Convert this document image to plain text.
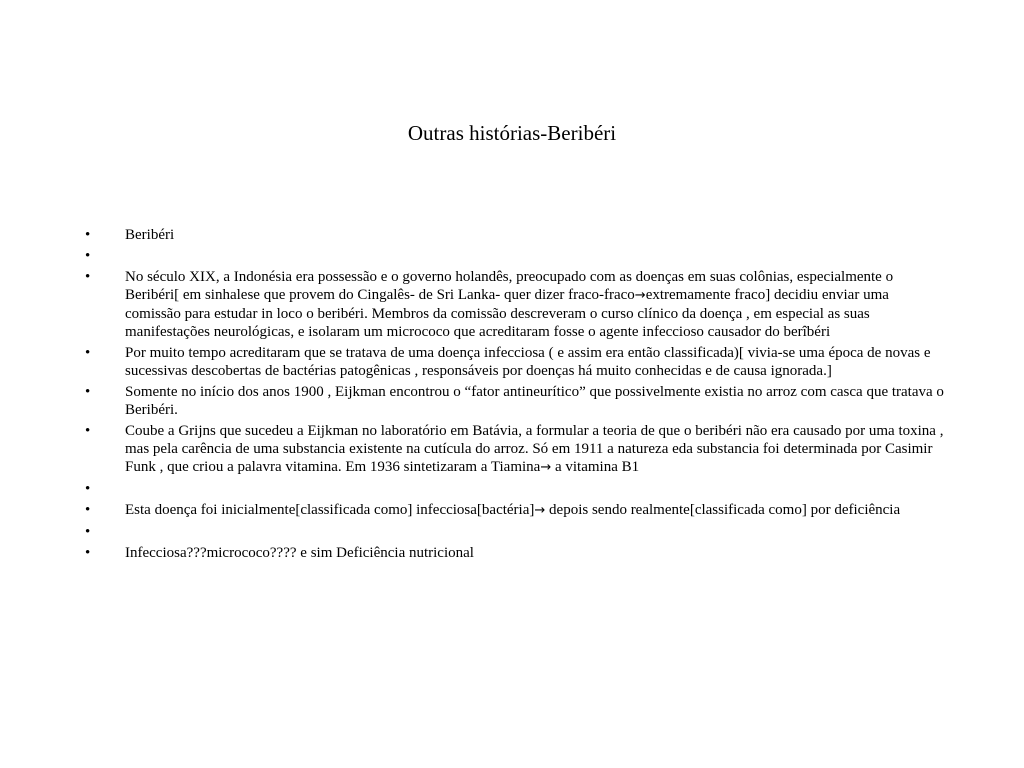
Outras histórias-Beribéri
• Beribéri
•
• No século XIX, a Indonésia era possessão e o governo holandês, preocupado com as doenças em suas colônias, especialmente o Beribéri[ em sinhalese que provem do Cingalês- de Sri Lanka- quer dizer fraco-fraco→extremamente fraco] decidiu enviar uma comissão para estudar in loco o beribéri. Membros da comissão descreveram o curso clínico da doença , em especial as suas manifestações neurológicas, e isolaram um micrococo que acreditaram fosse o agente infeccioso causador do berîbéri
• Por muito tempo acreditaram que se tratava de uma doença infecciosa ( e assim era então classificada)[ vivia-se uma época de novas e sucessivas descobertas de bactérias patogênicas , responsáveis por doenças há muito conhecidas e de causa ignorada.]
• Somente no início dos anos 1900 , Eijkman encontrou o “fator antineurítico” que possivelmente existia no arroz com casca que tratava o Beribéri.
• Coube a Grijns que sucedeu a Eijkman no laboratório em Batávia, a formular a teoria de que o beribéri não era causado por uma toxina , mas pela carência de uma substancia existente na cutícula do arroz. Só em 1911 a natureza eda substancia foi determinada por Casimir Funk , que criou a palavra vitamina. Em 1936 sintetizaram a Tiamina→ a vitamina B1
•
• Esta doença foi inicialmente[classificada como] infecciosa[bactéria]→ depois sendo realmente[classificada como] por deficiência
•
• Infecciosa???micrococo???? e sim Deficiência nutricional
